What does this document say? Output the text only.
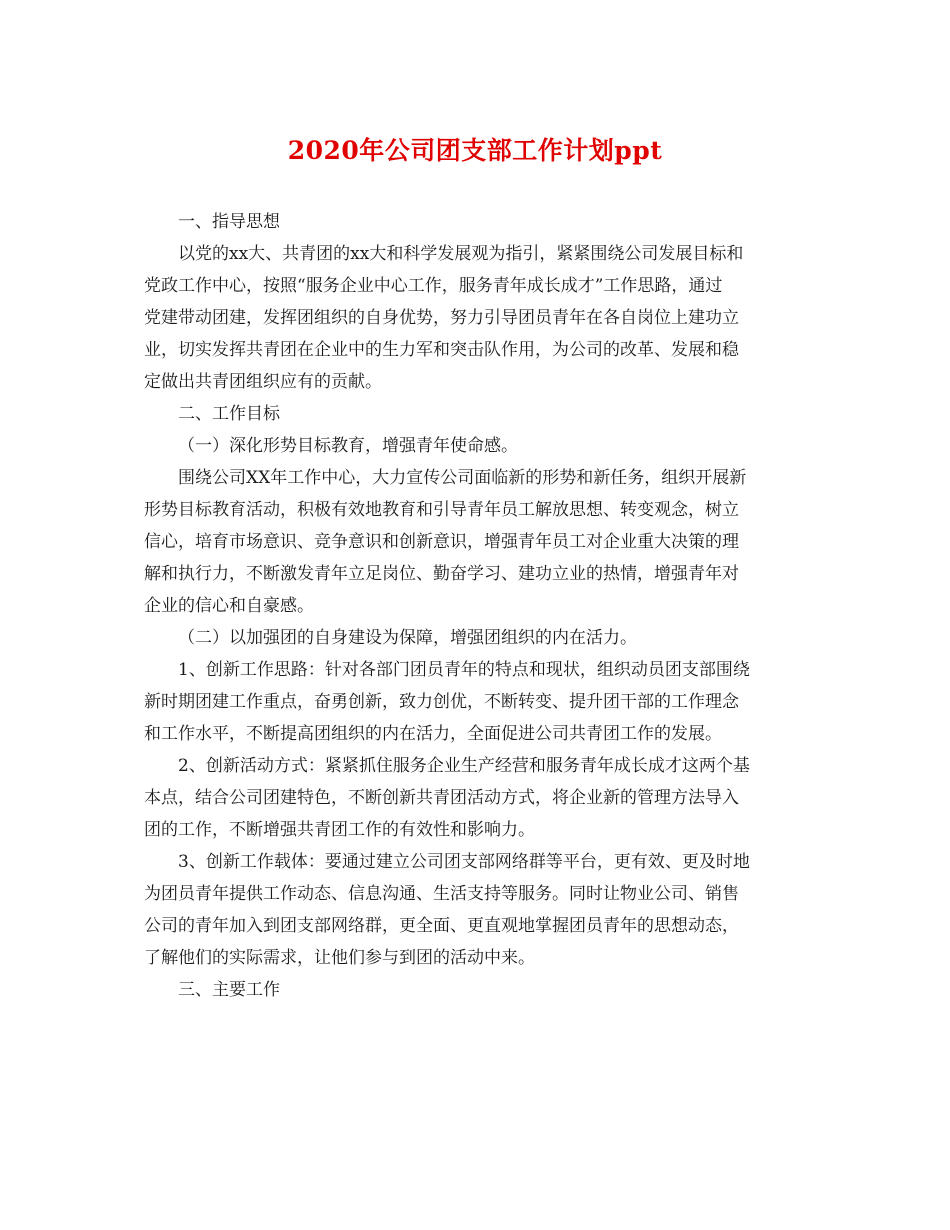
2020年公司团支部工作计划ppt
一、指导思想
以党的xx大、共青团的xx大和科学发展观为指引，紧紧围绕公司发展目标和
党政工作中心，按照“服务企业中心工作，服务青年成长成才”工作思路，通过
党建带动团建，发挥团组织的自身优势，努力引导团员青年在各自岗位上建功立
业，切实发挥共青团在企业中的生力军和突击队作用，为公司的改革、发展和稳
定做出共青团组织应有的贡献。
二、工作目标
（一）深化形势目标教育，增强青年使命感。
围绕公司XX年工作中心，大力宣传公司面临新的形势和新任务，组织开展新
形势目标教育活动，积极有效地教育和引导青年员工解放思想、转变观念，树立
信心，培育市场意识、竞争意识和创新意识，增强青年员工对企业重大决策的理
解和执行力，不断激发青年立足岗位、勤奋学习、建功立业的热情，增强青年对
企业的信心和自豪感。
（二）以加强团的自身建设为保障，增强团组织的内在活力。
1、创新工作思路：针对各部门团员青年的特点和现状，组织动员团支部围绕
新时期团建工作重点，奋勇创新，致力创优，不断转变、提升团干部的工作理念
和工作水平，不断提高团组织的内在活力，全面促进公司共青团工作的发展。
2、创新活动方式：紧紧抓住服务企业生产经营和服务青年成长成才这两个基
本点，结合公司团建特色，不断创新共青团活动方式，将企业新的管理方法导入
团的工作，不断增强共青团工作的有效性和影响力。
3、创新工作载体：要通过建立公司团支部网络群等平台，更有效、更及时地
为团员青年提供工作动态、信息沟通、生活支持等服务。同时让物业公司、销售
公司的青年加入到团支部网络群，更全面、更直观地掌握团员青年的思想动态，
了解他们的实际需求，让他们参与到团的活动中来。
三、主要工作
